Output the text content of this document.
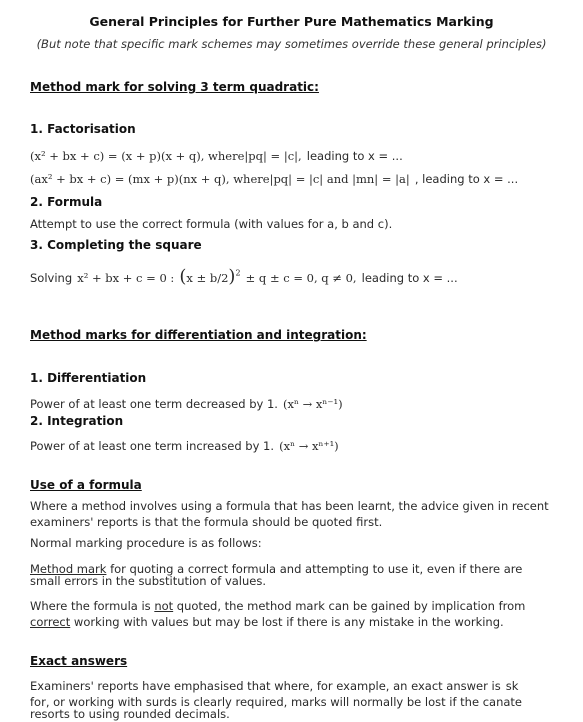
General Principles for Further Pure Mathematics Marking
(But note that specific mark schemes may sometimes override these general principles)
Method mark for solving 3 term quadratic:
1. Factorisation
(x² + bx + c) = (x + p)(x + q), where|pq| = |c|, leading to x = ...
(ax² + bx + c) = (mx + p)(nx + q), where|pq| = |c| and |mn| = |a| , leading to x = ...
2. Formula
Attempt to use the correct formula (with values for a, b and c).
3. Completing the square
Solving x² + bx + c = 0 : $(x \pm b/2)^2 \pm q \pm c = 0$, q ≠ 0, leading to x = ...
Method marks for differentiation and integration:
1. Differentiation
Power of at least one term decreased by 1. (xⁿ → xⁿ⁻¹)
2. Integration
Power of at least one term increased by 1. (xⁿ → xⁿ⁺¹)
Use of a formula
Where a method involves using a formula that has been learnt, the advice given in recent
examiners' reports is that the formula should be quoted first.
Normal marking procedure is as follows:
Method mark for quoting a correct formula and attempting to use it, even if there are
small errors in the substitution of values.
Where the formula is not quoted, the method mark can be gained by implication from
correct working with values but may be lost if there is any mistake in the working.
Exact answers
Examiners' reports have emphasised that where, for example, an exact answer is sk
for, or working with surds is clearly required, marks will normally be lost if the canate
resorts to using rounded decimals.
